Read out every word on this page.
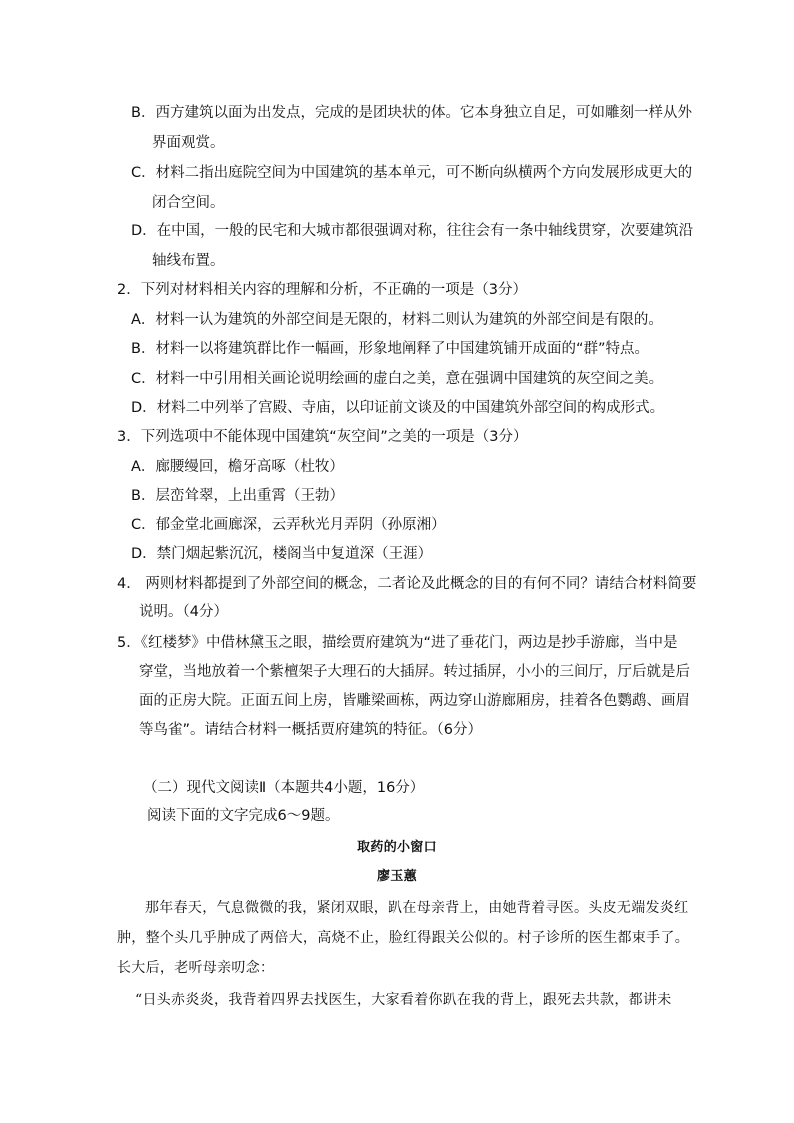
B．西方建筑以面为出发点，完成的是团块状的体。它本身独立自足，可如雕刻一样从外

界面观赏。

C．材料二指出庭院空间为中国建筑的基本单元，可不断向纵横两个方向发展形成更大的

闭合空间。

D．在中国，一般的民宅和大城市都很强调对称，往往会有一条中轴线贯穿，次要建筑沿

轴线布置。

2．下列对材料相关内容的理解和分析，不正确的一项是（3分）

A．材料一认为建筑的外部空间是无限的，材料二则认为建筑的外部空间是有限的。

B．材料一以将建筑群比作一幅画，形象地阐释了中国建筑铺开成面的“群”特点。

C．材料一中引用相关画论说明绘画的虚白之美，意在强调中国建筑的灰空间之美。

D．材料二中列举了宫殿、寺庙，以印证前文谈及的中国建筑外部空间的构成形式。

3．下列选项中不能体现中国建筑“灰空间”之美的一项是（3分）

A．廊腰缦回，檐牙高啄（杜牧）

B．层峦耸翠，上出重霄（王勃）

C．郁金堂北画廊深，云弄秋光月弄阴（孙原湘）

D．禁门烟起紫沉沉，楼阁当中复道深（王涯）

4． 两则材料都提到了外部空间的概念，二者论及此概念的目的有何不同？请结合材料简要

说明。（4分）

5．《红楼梦》中借林黛玉之眼，描绘贾府建筑为“进了垂花门，两边是抄手游廊，当中是

穿堂，当地放着一个紫檀架子大理石的大插屏。转过插屏，小小的三间厅，厅后就是后

面的正房大院。正面五间上房，皆雕梁画栋，两边穿山游廊厢房，挂着各色鹦鹉、画眉

等鸟雀”。请结合材料一概括贾府建筑的特征。（6分）

（二）现代文阅读Ⅱ（本题共4小题，16分）

阅读下面的文字完成6～9题。

取药的小窗口

廖玉蕙

那年春天，气息微微的我，紧闭双眼，趴在母亲背上，由她背着寻医。头皮无端发炎红

肿，整个头几乎肿成了两倍大，高烧不止，脸红得跟关公似的。村子诊所的医生都束手了。

长大后，老听母亲叨念：

“日头赤炎炎，我背着四界去找医生，大家看着你趴在我的背上，跟死去共款，都讲未
